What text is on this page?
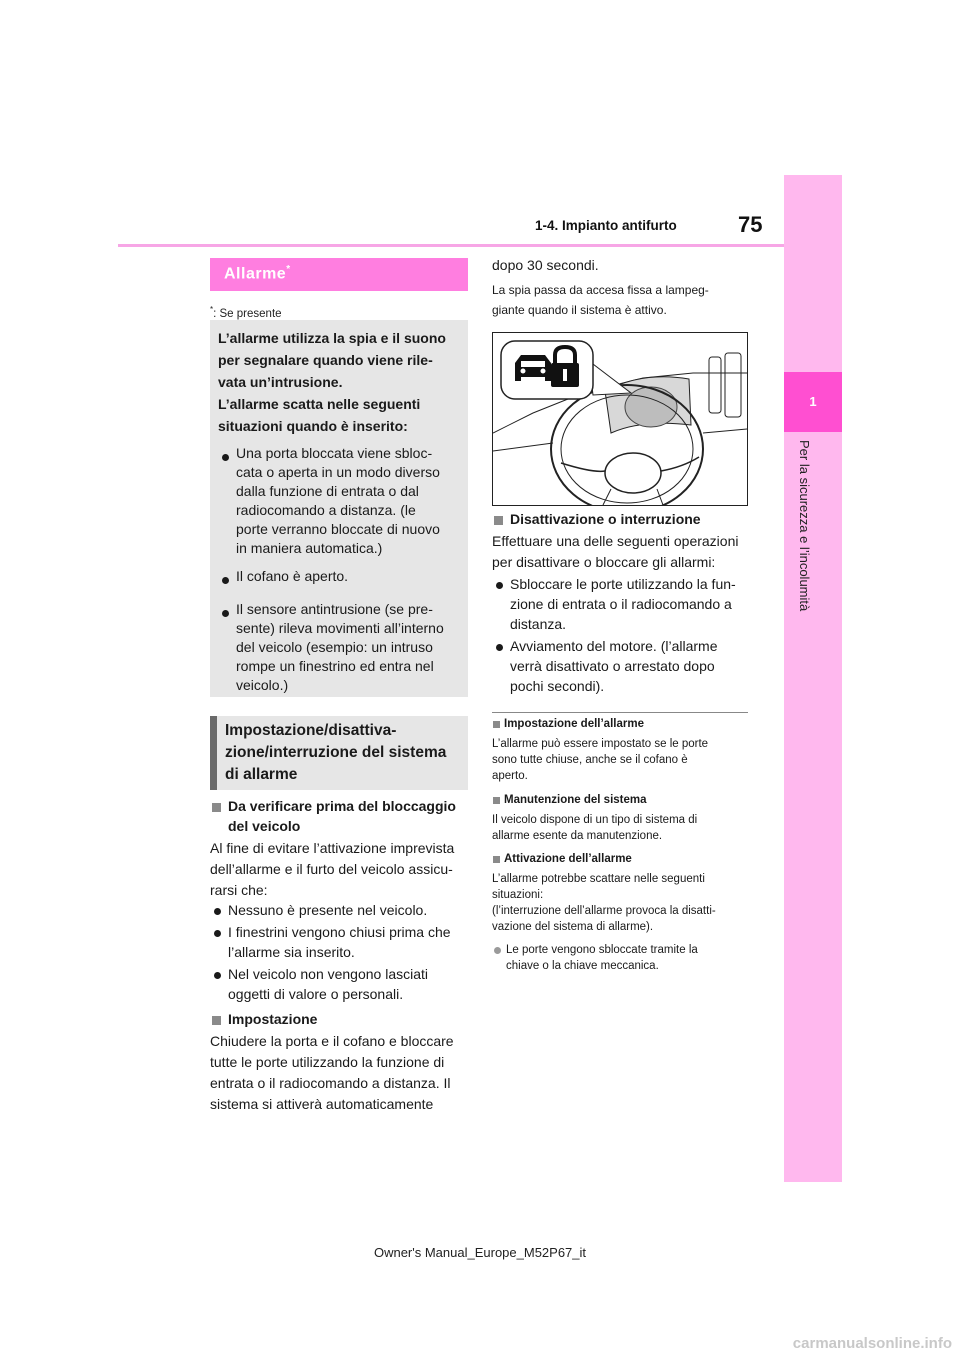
1-4. Impianto antifurto	75
1
Per la sicurezza e l’incolumità
Allarme*
*: Se presente
L’allarme utilizza la spia e il suono
per segnalare quando viene rile-
vata un’intrusione.
L’allarme scatta nelle seguenti
situazioni quando è inserito:
Una porta bloccata viene sbloc-
cata o aperta in un modo diverso
dalla funzione di entrata o dal
radiocomando a distanza. (le
porte verranno bloccate di nuovo
in maniera automatica.)
Il cofano è aperto.
Il sensore antintrusione (se pre-
sente) rileva movimenti all’interno
del veicolo (esempio: un intruso
rompe un finestrino ed entra nel
veicolo.)
Impostazione/disattiva-
zione/interruzione del sistema
di allarme
Da verificare prima del bloccaggio
del veicolo
Al fine di evitare l’attivazione imprevista
dell’allarme e il furto del veicolo assicu-
rarsi che:
Nessuno è presente nel veicolo.
I finestrini vengono chiusi prima che
l’allarme sia inserito.
Nel veicolo non vengono lasciati
oggetti di valore o personali.
Impostazione
Chiudere la porta e il cofano e bloccare
tutte le porte utilizzando la funzione di
entrata o il radiocomando a distanza. Il
sistema si attiverà automaticamente
dopo 30 secondi.
La spia passa da accesa fissa a lampeg-
giante quando il sistema è attivo.
Disattivazione o interruzione
Effettuare una delle seguenti operazioni
per disattivare o bloccare gli allarmi:
Sbloccare le porte utilizzando la fun-
zione di entrata o il radiocomando a
distanza.
Avviamento del motore. (l’allarme
verrà disattivato o arrestato dopo
pochi secondi).
Impostazione dell’allarme
L’allarme può essere impostato se le porte
sono tutte chiuse, anche se il cofano è
aperto.
Manutenzione del sistema
Il veicolo dispone di un tipo di sistema di
allarme esente da manutenzione.
Attivazione dell’allarme
L’allarme potrebbe scattare nelle seguenti
situazioni:
(l’interruzione dell’allarme provoca la disatti-
vazione del sistema di allarme).
Le porte vengono sbloccate tramite la
chiave o la chiave meccanica.
Owner's Manual_Europe_M52P67_it
carmanualsonline.info
